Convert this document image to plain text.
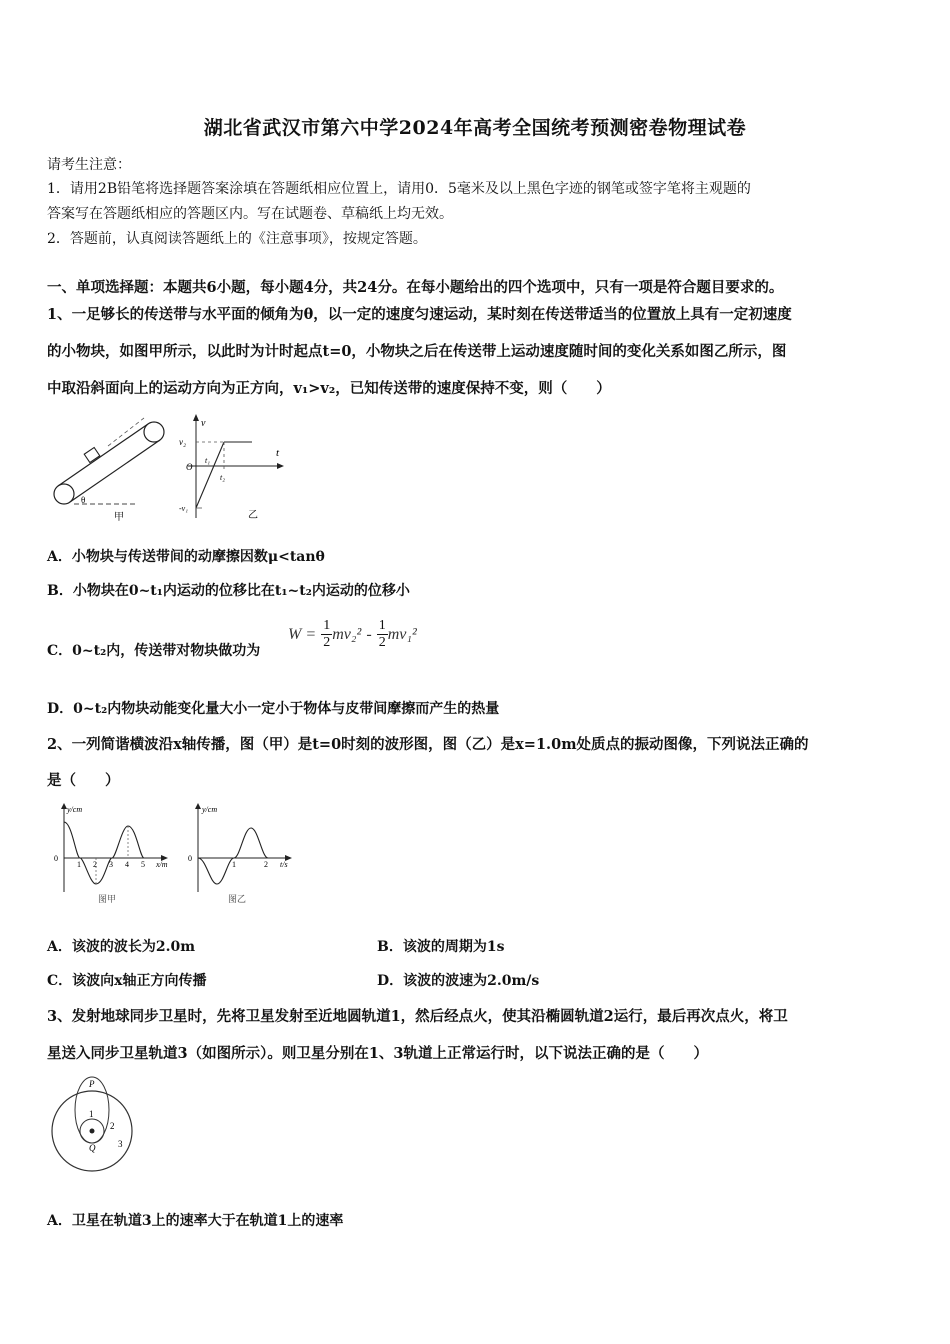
湖北省武汉市第六中学2024年高考全国统考预测密卷物理试卷
请考生注意：
1．请用2B铅笔将选择题答案涂填在答题纸相应位置上，请用0．5毫米及以上黑色字迹的钢笔或签字笔将主观题的
答案写在答题纸相应的答题区内。写在试题卷、草稿纸上均无效。
2．答题前，认真阅读答题纸上的《注意事项》，按规定答题。
一、单项选择题：本题共6小题，每小题4分，共24分。在每小题给出的四个选项中，只有一项是符合题目要求的。
1、一足够长的传送带与水平面的倾角为θ，以一定的速度匀速运动，某时刻在传送带适当的位置放上具有一定初速度
的小物块，如图甲所示，以此时为计时起点t=0，小物块之后在传送带上运动速度随时间的变化关系如图乙所示，图
中取沿斜面向上的运动方向为正方向，v₁>v₂，已知传送带的速度保持不变，则（　　）
θ
甲
v
v₂
O
t₁
t₂
t
-v₁
乙
A．小物块与传送带间的动摩擦因数μ<tanθ
B．小物块在0~t₁内运动的位移比在t₁~t₂内运动的位移小
C．0~t₂内，传送带对物块做功为
$W = \frac{1}{2} mv_2^2 - \frac{1}{2} mv_1^2$
D．0~t₂内物块动能变化量大小一定小于物体与皮带间摩擦而产生的热量
2、一列简谐横波沿x轴传播，图（甲）是t=0时刻的波形图，图（乙）是x=1.0m处质点的振动图像，下列说法正确的
是（　　）
y/cm
0
1 2 3 4 5 x/m
图甲
y/cm
0
1	2 t/s
图乙
A．该波的波长为2.0m	B．该波的周期为1s
C．该波向x轴正方向传播	D．该波的波速为2.0m/s
3、发射地球同步卫星时，先将卫星发射至近地圆轨道1，然后经点火，使其沿椭圆轨道2运行，最后再次点火，将卫
星送入同步卫星轨道3（如图所示）。则卫星分别在1、3轨道上正常运行时，以下说法正确的是（　　）
P
Q
1
2
3
A．卫星在轨道3上的速率大于在轨道1上的速率
